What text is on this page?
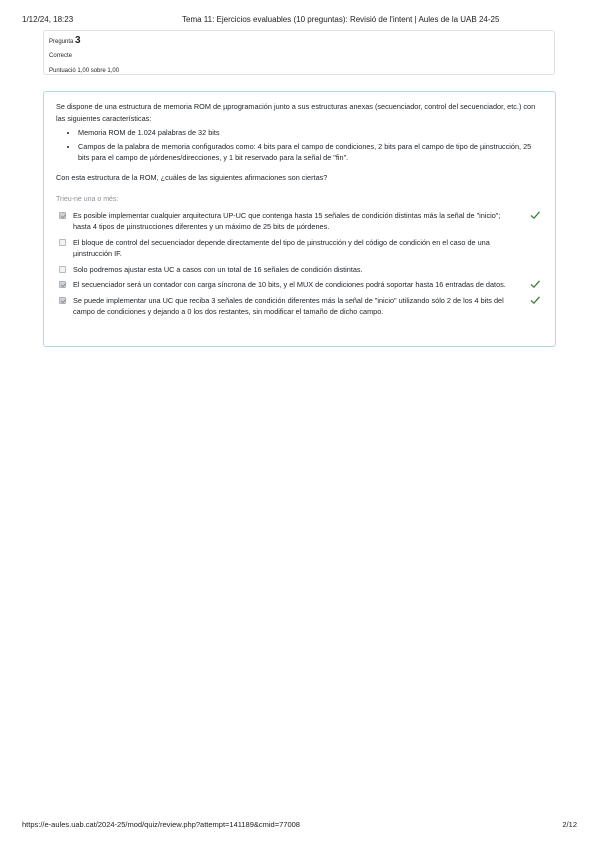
1/12/24, 18:23	Tema 11: Ejercicios evaluables (10 preguntas): Revisió de l'intent | Aules de la UAB 24-25
Pregunta 3
Correcte
Puntuació 1,00 sobre 1,00

Se dispone de una estructura de memoria ROM de µprogramación junto a sus estructuras anexas (secuenciador, control del secuenciador, etc.) con las siguientes características:

• Memoria ROM de 1.024 palabras de 32 bits
• Campos de la palabra de memoria configurados como: 4 bits para el campo de condiciones, 2 bits para el campo de tipo de µinstrucción, 25 bits para el campo de µórdenes/direcciones, y 1 bit reservado para la señal de "fin".

Con esta estructura de la ROM, ¿cuáles de las siguientes afirmaciones son ciertas?

Trieu-ne una o més:

Es posible implementar cualquier arquitectura UP-UC que contenga hasta 15 señales de condición distintas más la señal de "inicio"; hasta 4 tipos de µinstrucciones diferentes y un máximo de 25 bits de µórdenes.
El bloque de control del secuenciador depende directamente del tipo de µinstrucción y del código de condición en el caso de una µinstrucción IF.
Solo podremos ajustar esta UC a casos con un total de 16 señales de condición distintas.
El secuenciador será un contador con carga síncrona de 10 bits, y el MUX de condiciones podrá soportar hasta 16 entradas de datos.
Se puede implementar una UC que reciba 3 señales de condición diferentes más la señal de "inicio" utilizando sólo 2 de los 4 bits del campo de condiciones y dejando a 0 los dos restantes, sin modificar el tamaño de dicho campo.
https://e-aules.uab.cat/2024-25/mod/quiz/review.php?attempt=141189&cmid=77008	2/12
